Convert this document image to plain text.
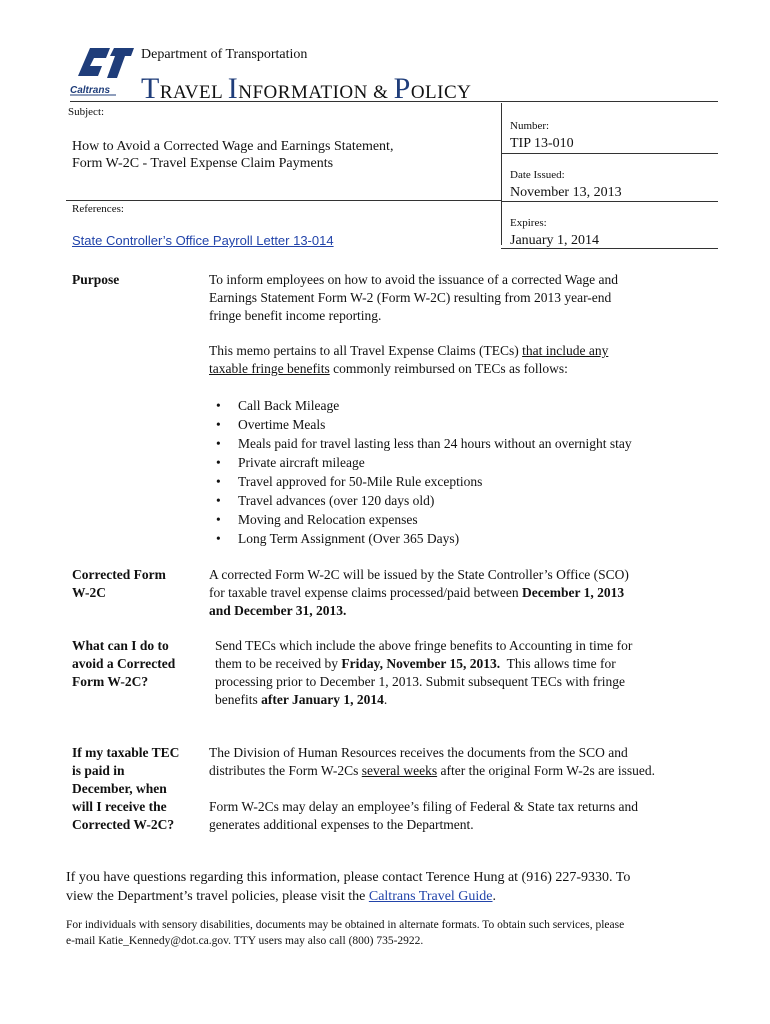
Caltrans
Department of Transportation
TRAVEL INFORMATION & POLICY
Subject:
How to Avoid a Corrected Wage and Earnings Statement,
Form W-2C - Travel Expense Claim Payments
References:
State Controller’s Office Payroll Letter 13-014
Number:
TIP 13-010
Date Issued:
November 13, 2013
Expires:
January 1, 2014
Purpose	To inform employees on how to avoid the issuance of a corrected Wage and
Earnings Statement Form W-2 (Form W-2C) resulting from 2013 year-end
fringe benefit income reporting.
This memo pertains to all Travel Expense Claims (TECs) that include any
taxable fringe benefits commonly reimbursed on TECs as follows:
• Call Back Mileage
• Overtime Meals
• Meals paid for travel lasting less than 24 hours without an overnight stay
• Private aircraft mileage
• Travel approved for 50-Mile Rule exceptions
• Travel advances (over 120 days old)
• Moving and Relocation expenses
• Long Term Assignment (Over 365 Days)
Corrected Form
W-2C
A corrected Form W-2C will be issued by the State Controller’s Office (SCO)
for taxable travel expense claims processed/paid between December 1, 2013
and December 31, 2013.
What can I do to
avoid a Corrected
Form W-2C?
Send TECs which include the above fringe benefits to Accounting in time for
them to be received by Friday, November 15, 2013.  This allows time for
processing prior to December 1, 2013. Submit subsequent TECs with fringe
benefits after January 1, 2014.
If my taxable TEC
is paid in
December, when
will I receive the
Corrected W-2C?
The Division of Human Resources receives the documents from the SCO and
distributes the Form W-2Cs several weeks after the original Form W-2s are issued.
Form W-2Cs may delay an employee’s filing of Federal & State tax returns and
generates additional expenses to the Department.
If you have questions regarding this information, please contact Terence Hung at (916) 227-9330. To
view the Department’s travel policies, please visit the Caltrans Travel Guide.
For individuals with sensory disabilities, documents may be obtained in alternate formats. To obtain such services, please
e-mail Katie_Kennedy@dot.ca.gov. TTY users may also call (800) 735-2922.
